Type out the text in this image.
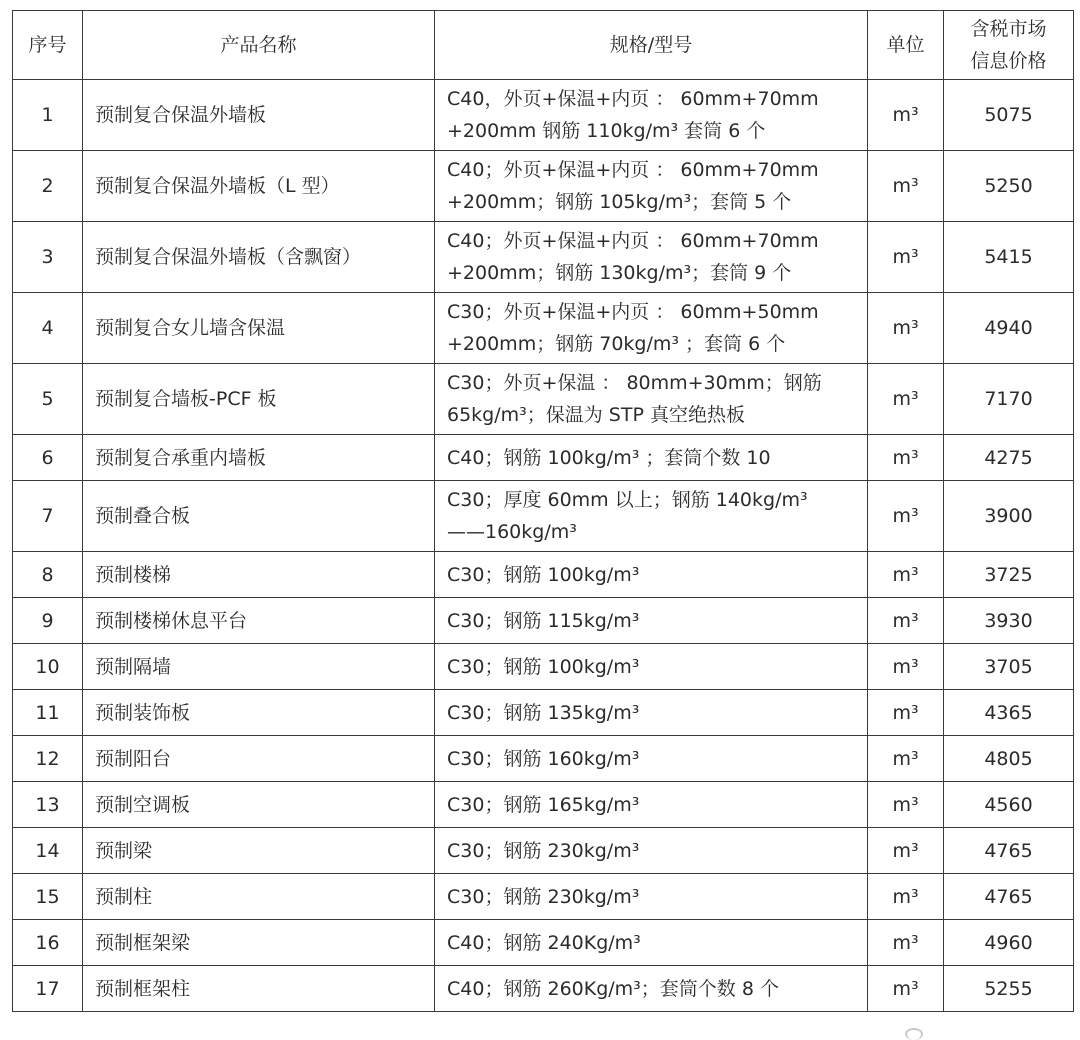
序号	产品名称	规格/型号	单位	含税市场
信息价格

1	预制复合保温外墙板	C40，外页+保温+内页 ： 60mm+70mm
+200mm 钢筋 110kg/m³ 套筒 6 个	m³	5075
2	预制复合保温外墙板（L 型）	C40；外页+保温+内页 ： 60mm+70mm
+200mm；钢筋 105kg/m³；套筒 5 个	m³	5250
3	预制复合保温外墙板（含飘窗）	C40；外页+保温+内页 ： 60mm+70mm
+200mm；钢筋 130kg/m³；套筒 9 个	m³	5415
4	预制复合女儿墙含保温	C30；外页+保温+内页 ： 60mm+50mm
+200mm；钢筋 70kg/m³ ；套筒 6 个	m³	4940
5	预制复合墙板-PCF 板	C30；外页+保温 ： 80mm+30mm；钢筋
65kg/m³；保温为 STP 真空绝热板	m³	7170
6	预制复合承重内墙板	C40；钢筋 100kg/m³ ；套筒个数 10	m³	4275
7	预制叠合板	C30；厚度 60mm 以上；钢筋 140kg/m³
——160kg/m³	m³	3900
8	预制楼梯	C30；钢筋 100kg/m³	m³	3725
9	预制楼梯休息平台	C30；钢筋 115kg/m³	m³	3930
10	预制隔墙	C30；钢筋 100kg/m³	m³	3705
11	预制装饰板	C30；钢筋 135kg/m³	m³	4365
12	预制阳台	C30；钢筋 160kg/m³	m³	4805
13	预制空调板	C30；钢筋 165kg/m³	m³	4560
14	预制梁	C30；钢筋 230kg/m³	m³	4765
15	预制柱	C30；钢筋 230kg/m³	m³	4765
16	预制框架梁	C40；钢筋 240Kg/m³	m³	4960
17	预制框架柱	C40；钢筋 260Kg/m³；套筒个数 8 个	m³	5255
